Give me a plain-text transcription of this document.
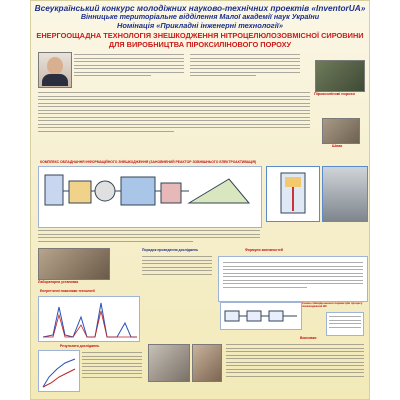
Всеукраїнський конкурс молодіжних науково-технічних проектів «InventorUA»
Вінницьке територіальне відділення Малої академії наук України
Номінація «Прикладні інженерні технології»
ЕНЕРГООЩАДНА ТЕХНОЛОГІЯ ЗНЕШКОДЖЕННЯ НІТРОЦЕЛЮЛОЗОВМІСНОЇ СИРОВИНИ
ДЛЯ ВИРОБНИЦТВА ПІРОКСИЛІНОВОГО ПОРОХУ
Піроксилінові порохи
Шлак
КОМПЛЕКС ОБЛАДНАННЯ ІНФОРМАЦІЙНОГО ЗНЕШКОДЖЕННЯ (ЗАНОВНЕНИЙ РЕАКТОР ЗОВНІШНЬОГО ЕЛЕКТРОАКТИВАЦІЯ)
Лабораторна установка
Енергетичні показники технології
Порядок проведення досліджень	Формули залежностей
Схема співвідношення параметрів процесу знешкодження ВС
Результати досліджень
Висновки
